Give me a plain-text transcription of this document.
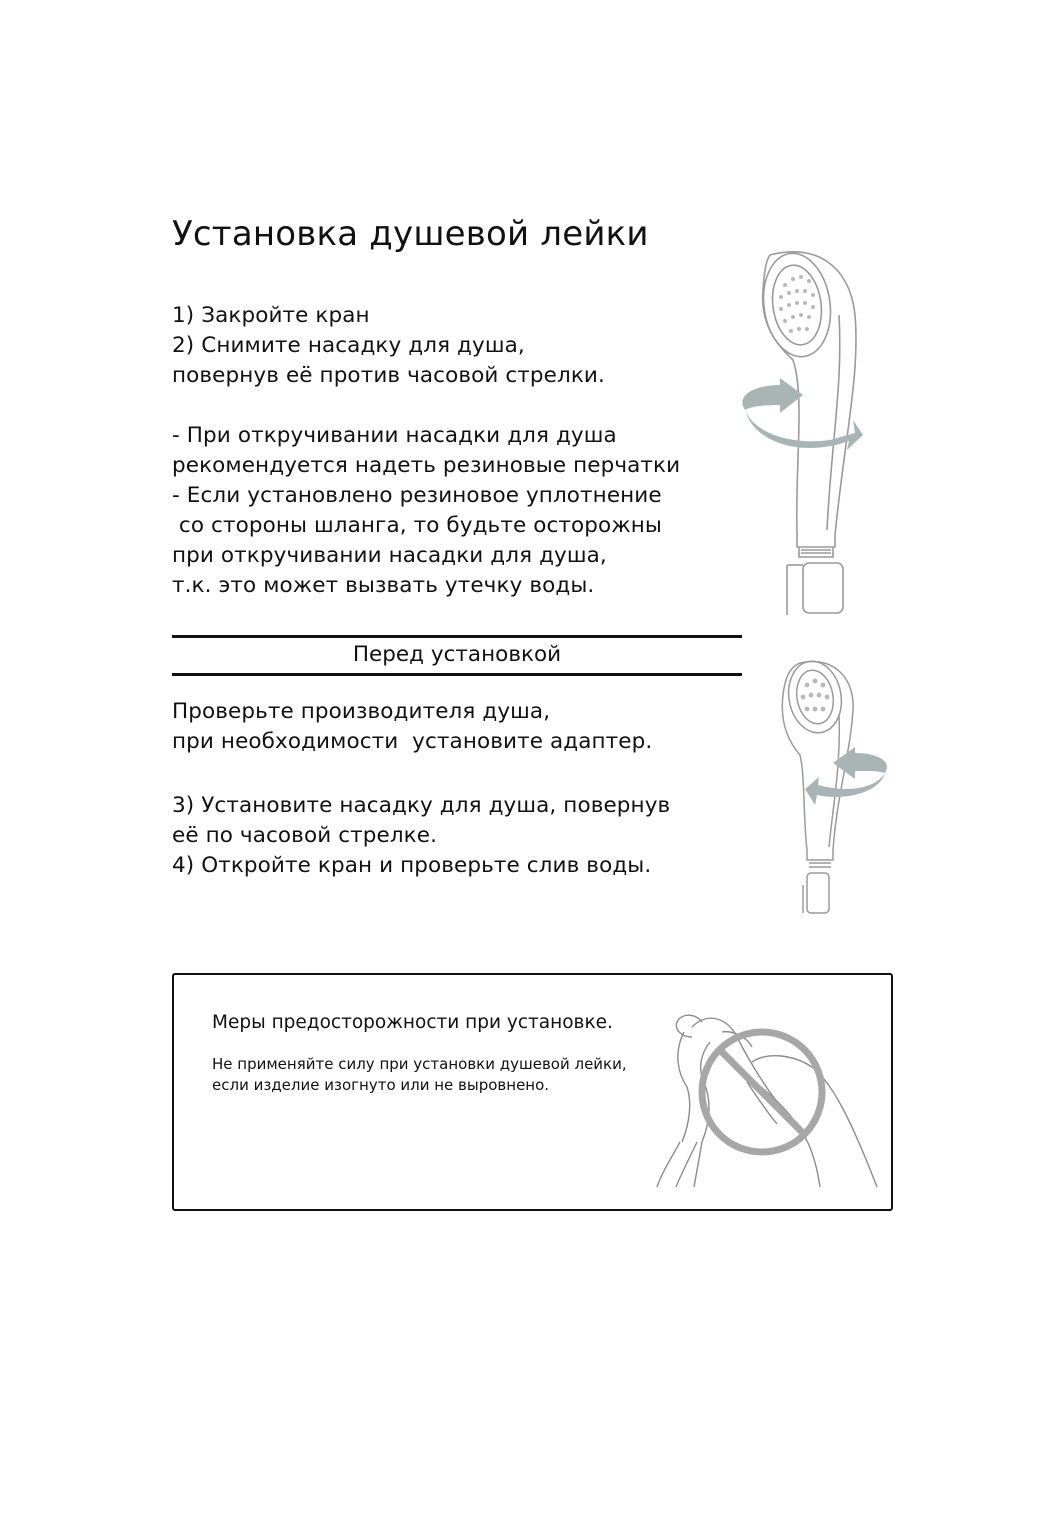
Установка душевой лейки
1) Закройте кран
2) Снимите насадку для душа,
повернув её против часовой стрелки.
- При откручивании насадки для душа
рекомендуется надеть резиновые перчатки
- Если установлено резиновое уплотнение
со стороны шланга, то будьте осторожны
при откручивании насадки для душа,
т.к. это может вызвать утечку воды.
Перед установкой
Проверьте производителя душа,
при необходимости  установите адаптер.
3) Установите насадку для душа, повернув
её по часовой стрелке.
4) Откройте кран и проверьте слив воды.
Меры предосторожности при установке.
Не применяйте силу при установки душевой лейки,
если изделие изогнуто или не выровнено.
